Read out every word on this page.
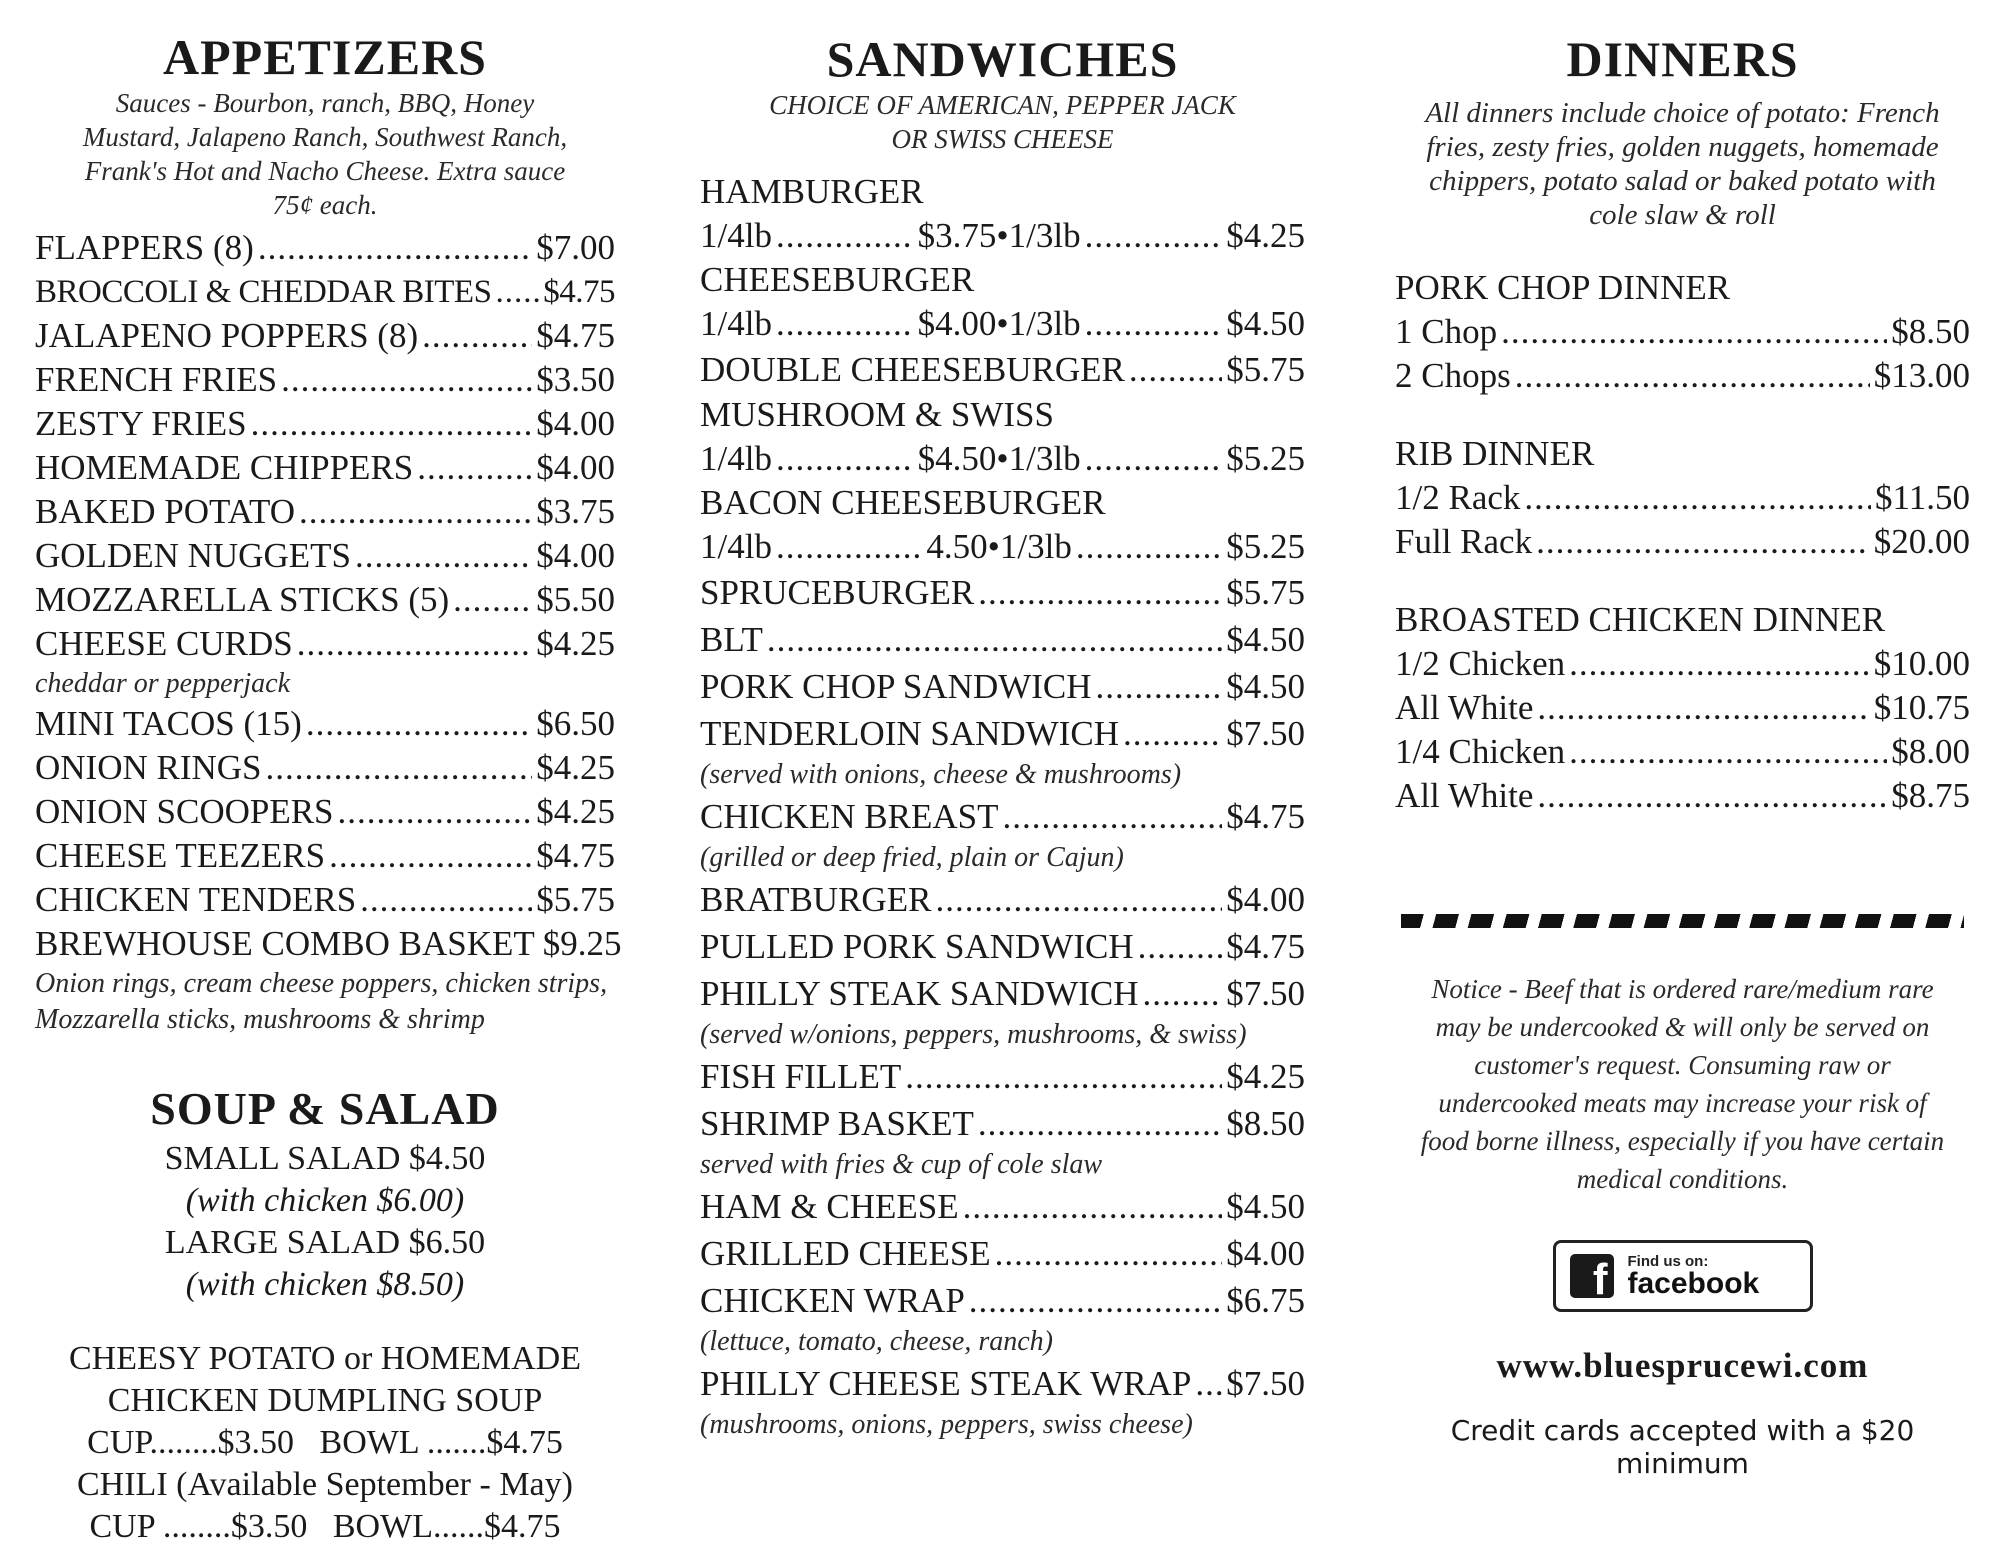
APPETIZERS
Sauces - Bourbon, ranch, BBQ, Honey Mustard, Jalapeno Ranch, Southwest Ranch, Frank's Hot and Nacho Cheese. Extra sauce 75¢ each.
FLAPPERS (8) .....	$7.00
BROCCOLI & CHEDDAR BITES ..... $4.75
JALAPENO POPPERS (8) .....	$4.75
FRENCH FRIES .....	$3.50
ZESTY FRIES .....	$4.00
HOMEMADE CHIPPERS .....	$4.00
BAKED POTATO .....	$3.75
GOLDEN NUGGETS .....	$4.00
MOZZARELLA STICKS (5) ..... $5.50
CHEESE CURDS .....	$4.25
cheddar or pepperjack
MINI TACOS (15) .....	$6.50
ONION RINGS .....	$4.25
ONION SCOOPERS .....	$4.25
CHEESE TEEZERS .....	$4.75
CHICKEN TENDERS .....	$5.75
BREWHOUSE COMBO BASKET $9.25
Onion rings, cream cheese poppers, chicken strips, Mozzarella sticks, mushrooms & shrimp
SOUP & SALAD
SMALL SALAD $4.50
(with chicken $6.00)
LARGE SALAD $6.50
(with chicken $8.50)
CHEESY POTATO or HOMEMADE
CHICKEN DUMPLING SOUP
CUP........$3.50   BOWL .......$4.75
CHILI (Available September - May)
CUP ........$3.50   BOWL......$4.75
SANDWICHES
CHOICE OF AMERICAN, PEPPER JACK OR SWISS CHEESE
HAMBURGER
1/4lb .....	$3.75 • 1/3lb .....	$4.25
CHEESEBURGER
1/4lb .....	$4.00 • 1/3lb .....	$4.50
DOUBLE CHEESEBURGER .....	$5.75
MUSHROOM & SWISS
1/4lb .....	$4.50 • 1/3lb .....	$5.25
BACON CHEESEBURGER
1/4lb .....	4.50 • 1/3lb .....	$5.25
SPRUCEBURGER .....	$5.75
BLT .....	$4.50
PORK CHOP SANDWICH .....	$4.50
TENDERLOIN SANDWICH .....	$7.50
(served with onions, cheese & mushrooms)
CHICKEN BREAST .....	$4.75
(grilled or deep fried, plain or Cajun)
BRATBURGER .....	$4.00
PULLED PORK SANDWICH .....	$4.75
PHILLY STEAK SANDWICH .....	$7.50
(served w/onions, peppers, mushrooms, & swiss)
FISH FILLET .....	$4.25
SHRIMP BASKET .....	$8.50
served with fries & cup of cole slaw
HAM & CHEESE .....	$4.50
GRILLED CHEESE .....	$4.00
CHICKEN WRAP .....	$6.75
(lettuce, tomato, cheese, ranch)
PHILLY CHEESE STEAK WRAP ..... $7.50
(mushrooms, onions, peppers, swiss cheese)
DINNERS
All dinners include choice of potato: French fries, zesty fries, golden nuggets, homemade chippers, potato salad or baked potato with cole slaw & roll
PORK CHOP DINNER
1 Chop .....	$8.50
2 Chops .....	$13.00
RIB DINNER
1/2 Rack .....	$11.50
Full Rack .....	$20.00
BROASTED CHICKEN DINNER
1/2 Chicken .....	$10.00
All White .....	$10.75
1/4 Chicken .....	$8.00
All White .....	$8.75
Notice - Beef that is ordered rare/medium rare may be undercooked & will only be served on customer's request. Consuming raw or undercooked meats may increase your risk of food borne illness, especially if you have certain medical conditions.
f Find us on:
facebook
www.bluesprucewi.com
Credit cards accepted with a $20 minimum
